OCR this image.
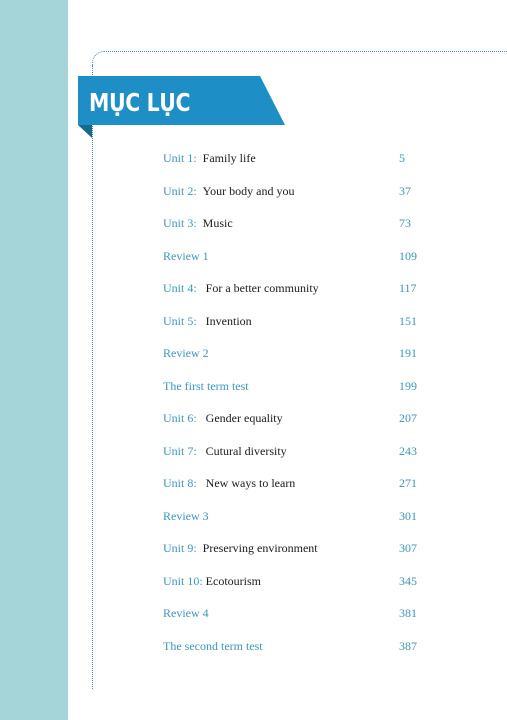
MỤC LỤC
Unit 1: Family life	5
Unit 2: Your body and you	37
Unit 3: Music	73
Review 1	109
Unit 4: For a better community	117
Unit 5: Invention	151
Review 2	191
The first term test	199
Unit 6: Gender equality	207
Unit 7: Cutural diversity	243
Unit 8: New ways to learn	271
Review 3	301
Unit 9: Preserving environment	307
Unit 10: Ecotourism	345
Review 4	381
The second term test	387
